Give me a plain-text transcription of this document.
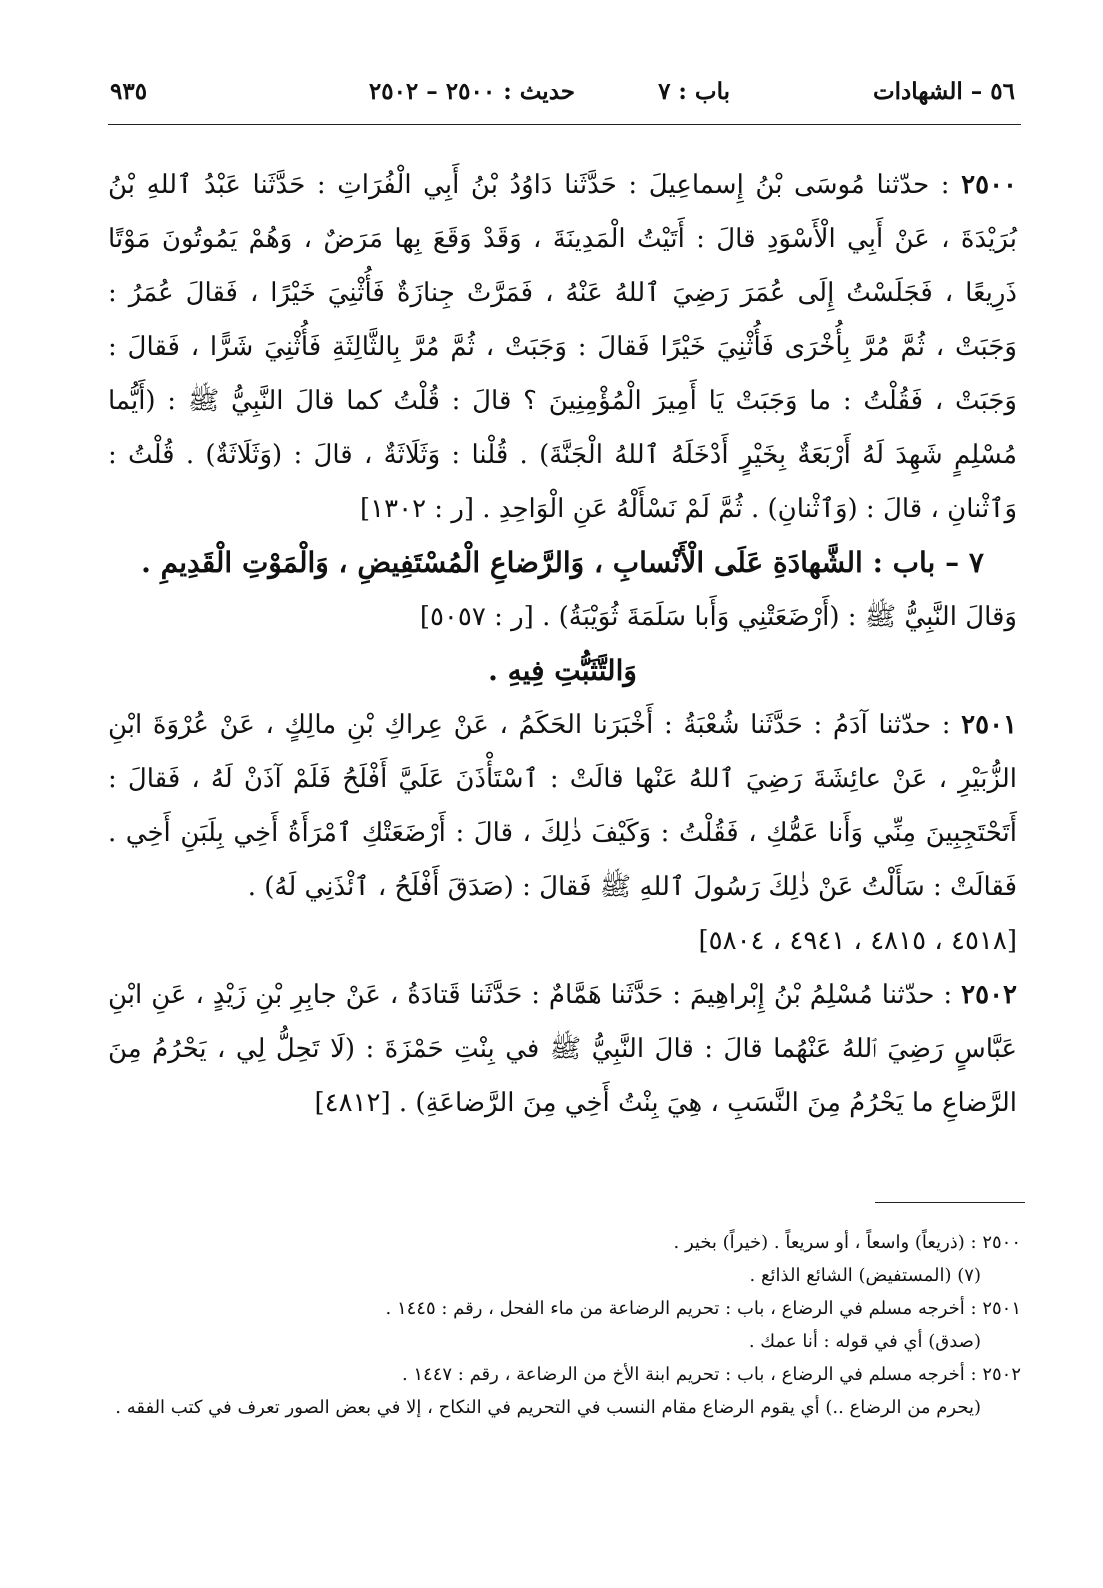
٥٦ – الشهادات
باب : ٧
حديث : ٢٥٠٠ – ٢٥٠٢
٩٣٥

٢٥٠٠ : حدّثنا مُوسَى بْنُ إِسماعِيلَ : حَدَّثَنا دَاوُدُ بْنُ أَبِي الْفُرَاتِ : حَدَّثَنا عَبْدُ ٱللهِ بْنُ بُرَيْدَةَ ، عَنْ أَبِي الْأَسْوَدِ قالَ : أَتَيْتُ الْمَدِينَةَ ، وَقَدْ وَقَعَ بِها مَرَضٌ ، وَهُمْ يَمُوتُونَ مَوْتًا ذَرِيعًا ، فَجَلَسْتُ إِلَى عُمَرَ رَضِيَ ٱللهُ عَنْهُ ، فَمَرَّتْ جِنازَةٌ فَأُثْنِيَ خَيْرًا ، فَقالَ عُمَرُ : وَجَبَتْ ، ثُمَّ مُرَّ بِأُخْرَى فَأُثْنِيَ خَيْرًا فَقالَ : وَجَبَتْ ، ثُمَّ مُرَّ بِالثَّالِثَةِ فَأُثْنِيَ شَرًّا ، فَقالَ : وَجَبَتْ ، فَقُلْتُ : ما وَجَبَتْ يَا أَمِيرَ الْمُؤْمِنِينَ ؟ قالَ : قُلْتُ كما قالَ النَّبِيُّ ﷺ : (أَيُّما مُسْلِمٍ شَهِدَ لَهُ أَرْبَعَةٌ بِخَيْرٍ أَدْخَلَهُ ٱللهُ الْجَنَّةَ) . قُلْنا : وَثَلَاثَةٌ ، قالَ : (وَثَلَاثَةٌ) . قُلْتُ : وَٱثْنانِ ، قالَ : (وَٱثْنانِ) . ثُمَّ لَمْ نَسْأَلْهُ عَنِ الْوَاحِدِ . [ر : ١٣٠٢]

٧ – باب : الشَّهادَةِ عَلَى الْأَنْسابِ ، وَالرَّضاعِ الْمُسْتَفِيضِ ، وَالْمَوْتِ الْقَدِيمِ .

وَقالَ النَّبِيُّ ﷺ : (أَرْضَعَتْنِي وَأَبا سَلَمَةَ ثُوَيْبَةُ) . [ر : ٥٠٥٧]

وَالتَّثَبُّتِ فِيهِ .

٢٥٠١ : حدّثنا آدَمُ : حَدَّثَنا شُعْبَةُ : أَخْبَرَنا الحَكَمُ ، عَنْ عِراكِ بْنِ مالِكٍ ، عَنْ عُرْوَةَ ابْنِ الزُّبَيْرِ ، عَنْ عائِشَةَ رَضِيَ ٱللهُ عَنْها قالَتْ : ٱسْتَأْذَنَ عَلَيَّ أَفْلَحُ فَلَمْ آذَنْ لَهُ ، فَقالَ : أَتَحْتَجِبِينَ مِنِّي وَأَنا عَمُّكِ ، فَقُلْتُ : وَكَيْفَ ذٰلِكَ ، قالَ : أَرْضَعَتْكِ ٱمْرَأَةُ أَخِي بِلَبَنِ أَخِي . فَقالَتْ : سَأَلْتُ عَنْ ذٰلِكَ رَسُولَ ٱللهِ ﷺ فَقالَ : (صَدَقَ أَفْلَحُ ، ٱئْذَنِي لَهُ) .

[٤٥١٨ ، ٤٨١٥ ، ٤٩٤١ ، ٥٨٠٤]

٢٥٠٢ : حدّثنا مُسْلِمُ بْنُ إِبْراهِيمَ : حَدَّثَنا هَمَّامٌ : حَدَّثَنا قَتادَةُ ، عَنْ جابِرِ بْنِ زَيْدٍ ، عَنِ ابْنِ عَبَّاسٍ رَضِيَ ٱللهُ عَنْهُما قالَ : قالَ النَّبِيُّ ﷺ في بِنْتِ حَمْزَةَ : (لَا تَحِلُّ لِي ، يَحْرُمُ مِنَ الرَّضاعِ ما يَحْرُمُ مِنَ النَّسَبِ ، هِيَ بِنْتُ أَخِي مِنَ الرَّضاعَةِ) . [٤٨١٢]

٢٥٠٠ : (ذريعاً) واسعاً ، أو سريعاً . (خيراً) بخير .

(٧) (المستفيض) الشائع الذائع .

٢٥٠١ : أخرجه مسلم في الرضاع ، باب : تحريم الرضاعة من ماء الفحل ، رقم : ١٤٤٥ .

(صدق) أي في قوله : أنا عمك .

٢٥٠٢ : أخرجه مسلم في الرضاع ، باب : تحريم ابنة الأخ من الرضاعة ، رقم : ١٤٤٧ .

(يحرم من الرضاع ..) أي يقوم الرضاع مقام النسب في التحريم في النكاح ، إلا في بعض الصور تعرف في كتب الفقه .
